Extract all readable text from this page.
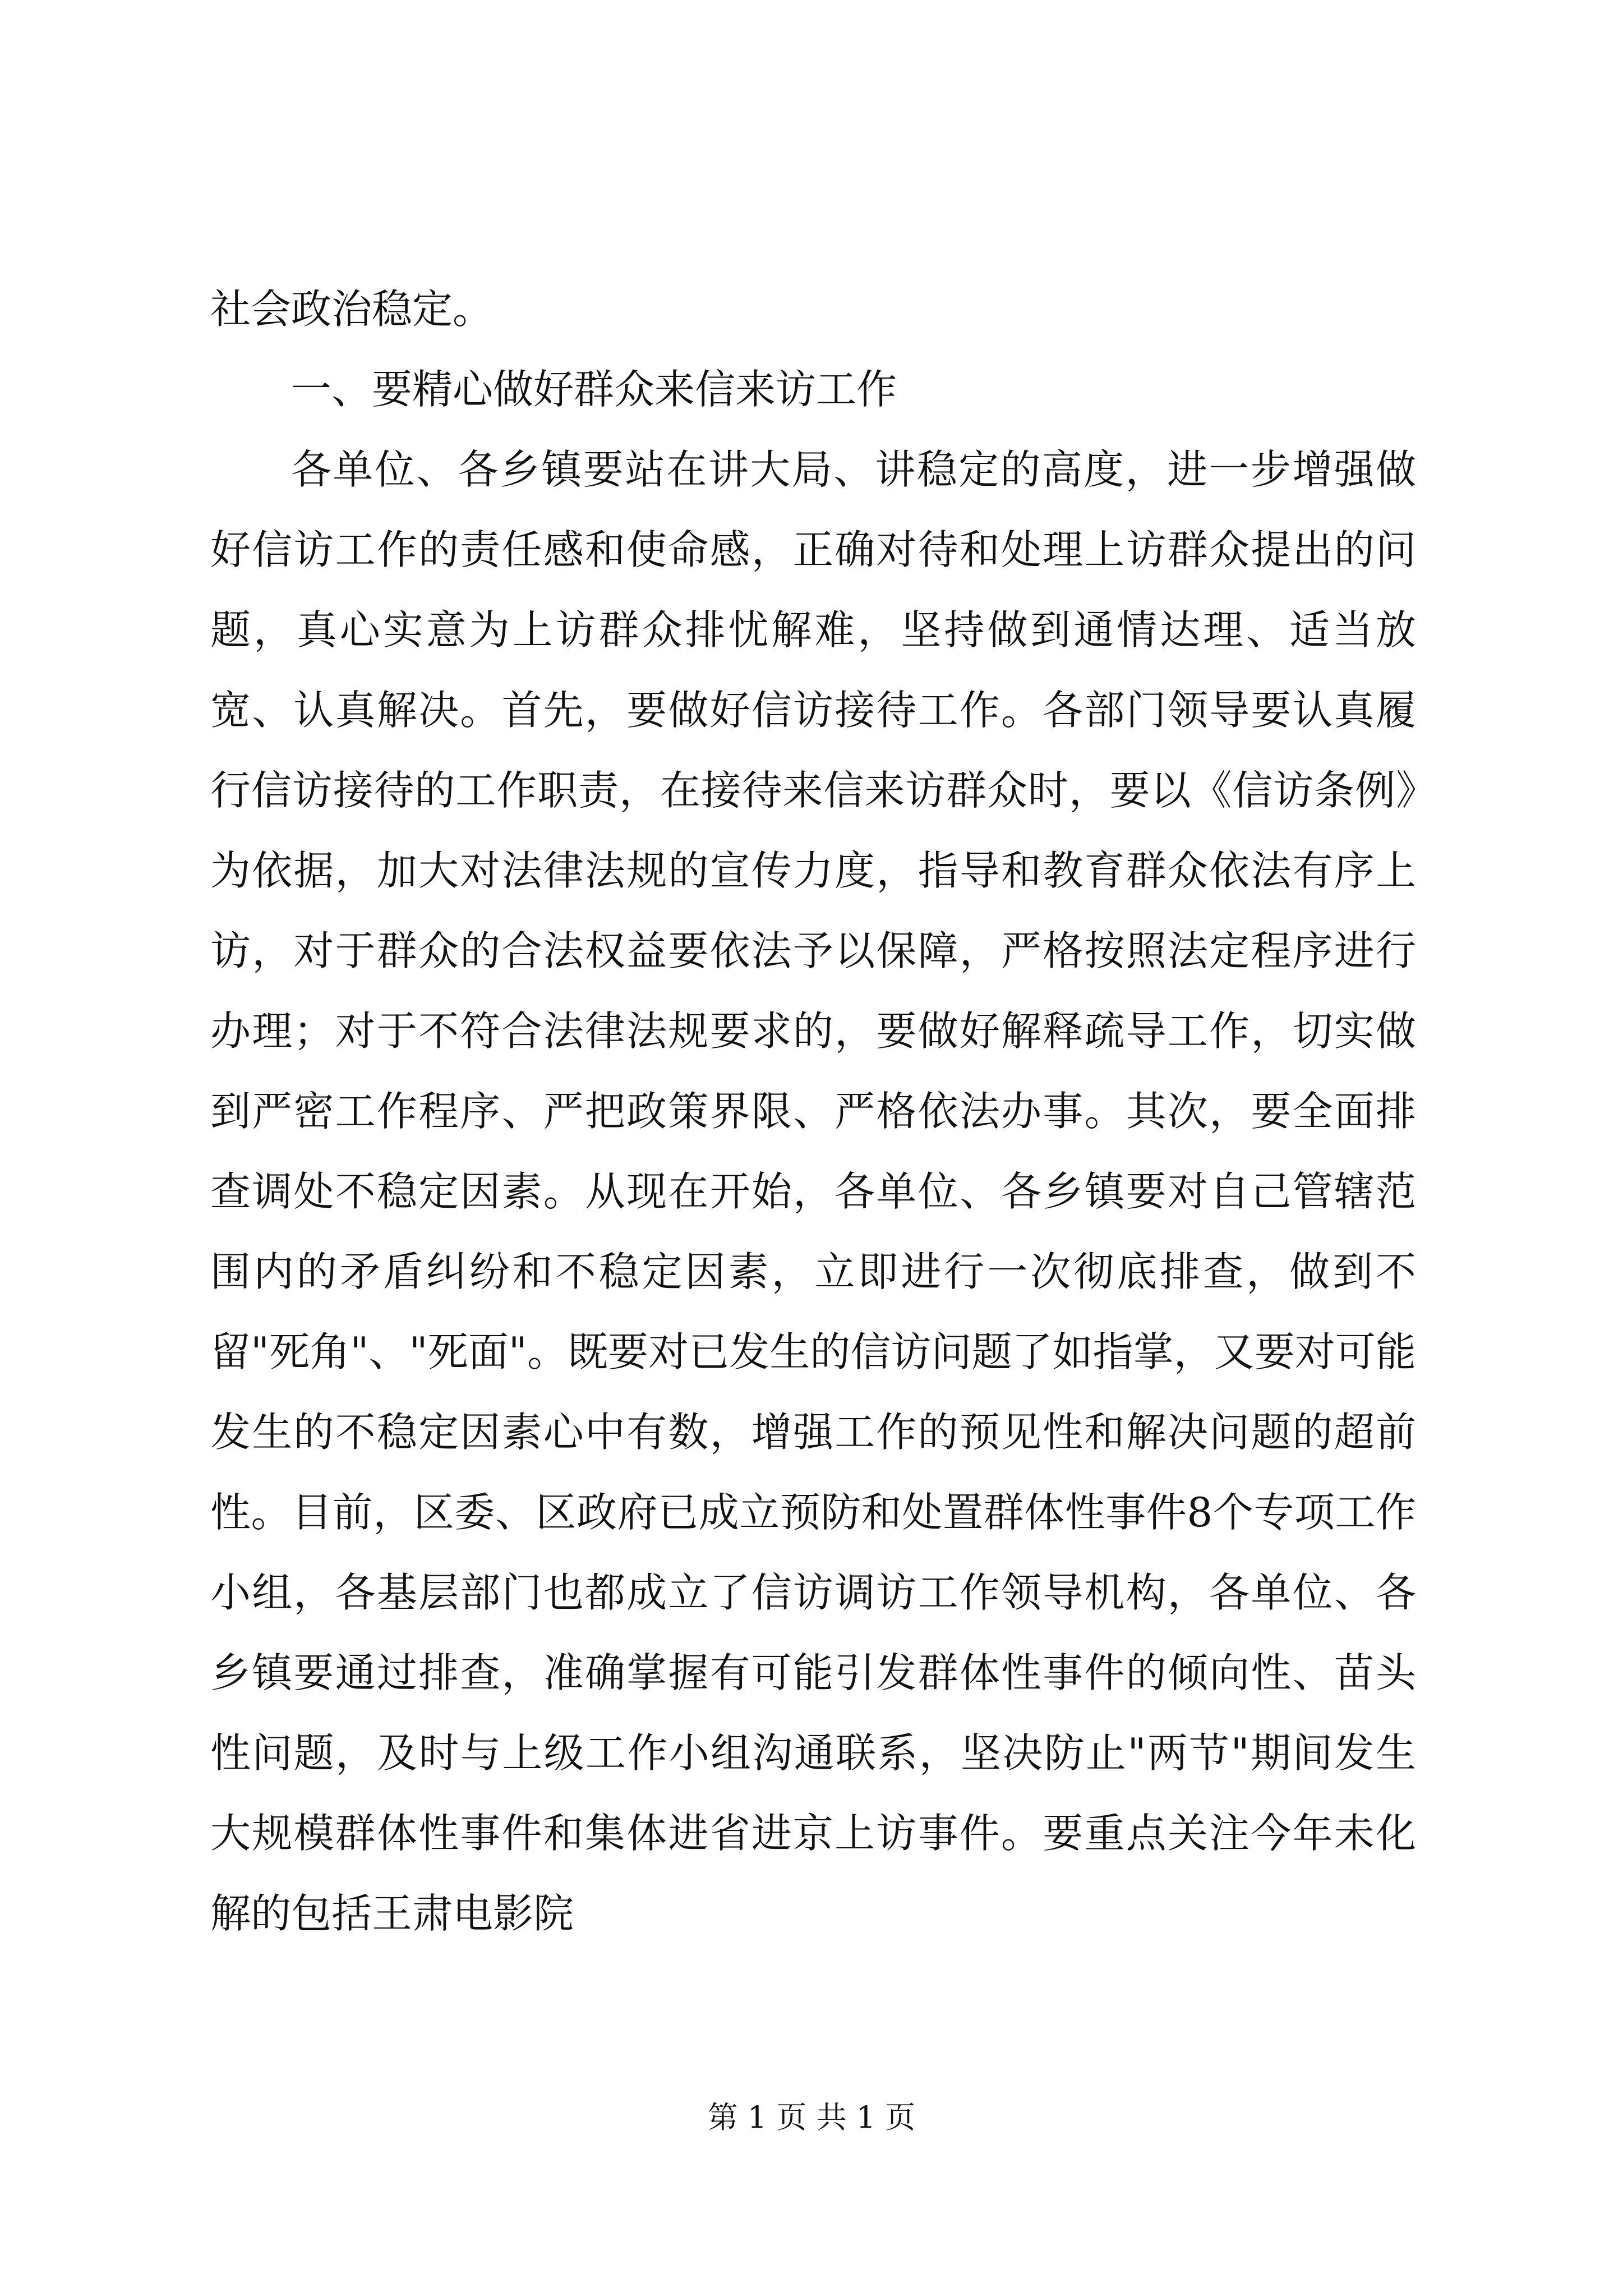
社会政治稳定。

一、要精心做好群众来信来访工作

各单位、各乡镇要站在讲大局、讲稳定的高度，进一步增强做好信访工作的责任感和使命感，正确对待和处理上访群众提出的问题，真心实意为上访群众排忧解难，坚持做到通情达理、适当放宽、认真解决。首先，要做好信访接待工作。各部门领导要认真履行信访接待的工作职责，在接待来信来访群众时，要以《信访条例》为依据，加大对法律法规的宣传力度，指导和教育群众依法有序上访，对于群众的合法权益要依法予以保障，严格按照法定程序进行办理；对于不符合法律法规要求的，要做好解释疏导工作，切实做到严密工作程序、严把政策界限、严格依法办事。其次，要全面排查调处不稳定因素。从现在开始，各单位、各乡镇要对自己管辖范围内的矛盾纠纷和不稳定因素，立即进行一次彻底排查，做到不留"死角"、"死面"。既要对已发生的信访问题了如指掌，又要对可能发生的不稳定因素心中有数，增强工作的预见性和解决问题的超前性。目前，区委、区政府已成立预防和处置群体性事件8个专项工作小组，各基层部门也都成立了信访调访工作领导机构，各单位、各乡镇要通过排查，准确掌握有可能引发群体性事件的倾向性、苗头性问题，及时与上级工作小组沟通联系，坚决防止"两节"期间发生大规模群体性事件和集体进省进京上访事件。要重点关注今年未化解的包括王肃电影院

第 1 页 共 1 页
